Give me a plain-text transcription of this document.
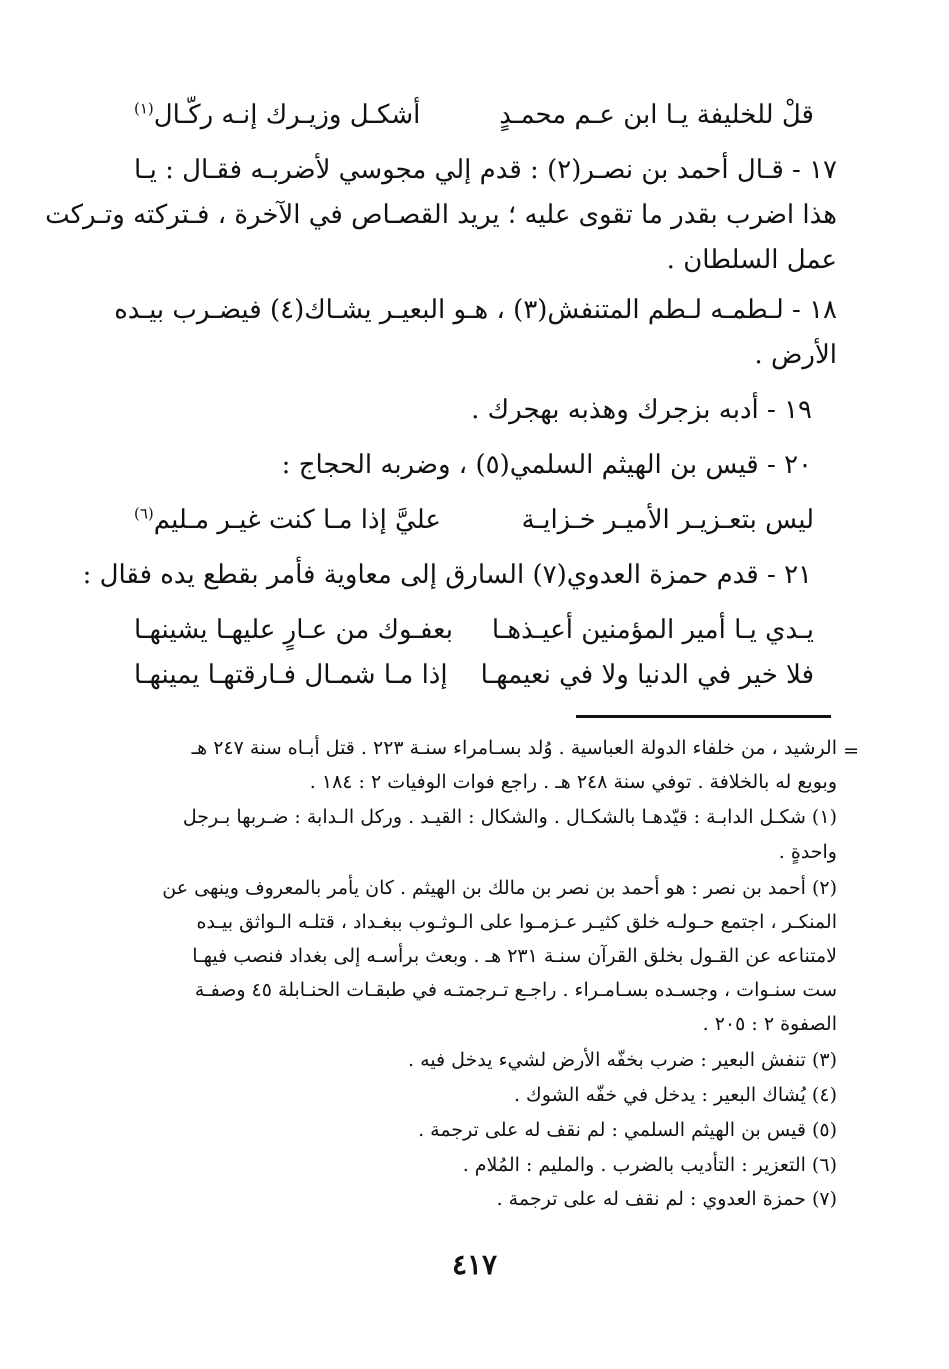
قلْ للخليفة يـا ابن عـم محمـدٍ
أشكـل وزيـرك إنـه ركّـال$^{(١)}$
١٧ - قـال أحمد بن نصـر(٢) : قدم إلي مجوسي لأضربـه فقـال : يـا
هذا اضرب بقدر ما تقوى عليه ؛ يريد القصـاص في الآخرة ، فـتركته وتـركت
عمل السلطان .
١٨ - لـطمـه لـطم المتنفش(٣) ، هـو البعيـر يشـاك(٤) فيضـرب بيـده
الأرض .
١٩ - أدبه بزجرك وهذبه بهجرك .
٢٠ - قيس بن الهيثم السلمي(٥) ، وضربه الحجاج :
ليس بتعـزيـر الأميـر خـزايـة
عليَّ إذا مـا كنت غيـر مـليم$^{(٦)}$
٢١ - قدم حمزة العدوي(٧) السارق إلى معاوية فأمر بقطع يده فقال :
يـدي يـا أمير المؤمنين أعيـذهـا
بعفـوك من عـارٍ عليهـا يشينهـا
فلا خير في الدنيا ولا في نعيمهـا
إذا مـا شمـال فـارقتهـا يمينهـا
=
الرشيد ، من خلفاء الدولة العباسية . وُلد بسـامراء سنـة ٢٢٣ . قتل أبـاه سنة ٢٤٧ هـ
وبويع له بالخلافة . توفي سنة ٢٤٨ هـ . راجع فوات الوفيات ٢ : ١٨٤ .
(١) شكـل الدابـة : قيّدهـا بالشكـال . والشكال : القيـد . وركل الـدابة : ضـربها بـرجل
واحدةٍ .
(٢) أحمد بن نصر : هو أحمد بن نصر بن مالك بن الهيثم . كان يأمر بالمعروف وينهى عن
المنكـر ، اجتمع حـولـه خلق كثيـر عـزمـوا على الـوثـوب ببغـداد ، قتلـه الـواثق بيـده
لامتناعه عن القـول بخلق القرآن سنـة ٢٣١ هـ . وبعث برأسـه إلى بغداد فنصب فيهـا
ست سنـوات ، وجسـده بسـامـراء . راجـع تـرجمتـه في طبقـات الحنـابلة ٤٥ وصفـة
الصفوة ٢ : ٢٠٥ .
(٣) تنفش البعير : ضرب بخفّه الأرض لشيء يدخل فيه .
(٤) يُشاك البعير : يدخل في خفّه الشوك .
(٥) قيس بن الهيثم السلمي : لم نقف له على ترجمة .
(٦) التعزير : التأديب بالضرب . والمليم : المُلام .
(٧) حمزة العدوي : لم نقف له على ترجمة .
٤١٧
